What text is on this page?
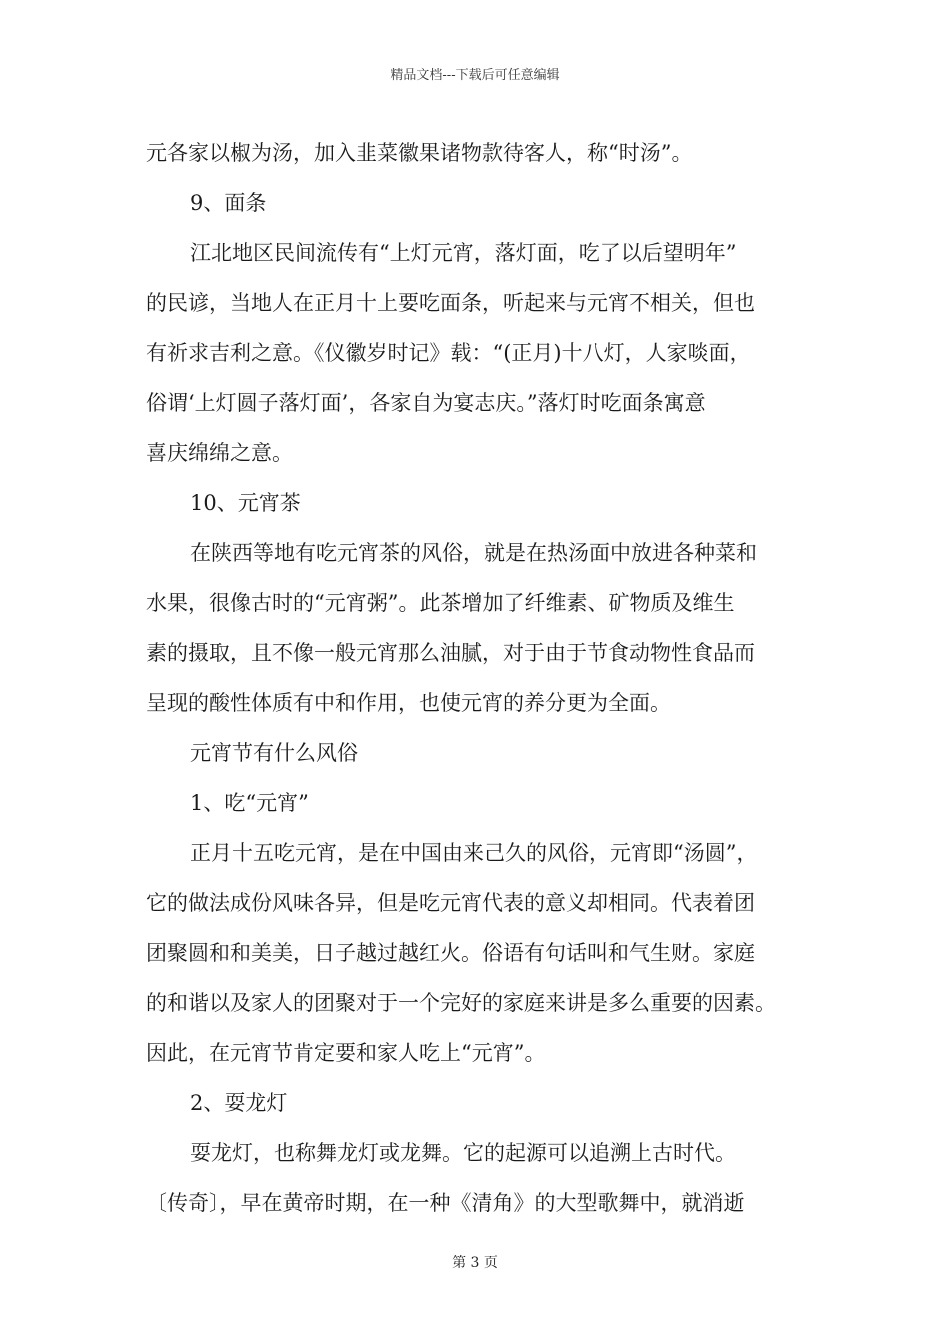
精品文档---下载后可任意编辑
元各家以椒为汤，加入韭菜徽果诸物款待客人，称“时汤”。
9、面条
江北地区民间流传有“上灯元宵，落灯面，吃了以后望明年”
的民谚，当地人在正月十上要吃面条，听起来与元宵不相关，但也
有祈求吉利之意。《仪徽岁时记》载：“(正月)十八灯，人家啖面，
俗谓‘上灯圆子落灯面’，各家自为宴志庆。”落灯时吃面条寓意
喜庆绵绵之意。
10、元宵茶
在陕西等地有吃元宵茶的风俗，就是在热汤面中放进各种菜和
水果，很像古时的“元宵粥”。此茶增加了纤维素、矿物质及维生
素的摄取，且不像一般元宵那么油腻，对于由于节食动物性食品而
呈现的酸性体质有中和作用，也使元宵的养分更为全面。
元宵节有什么风俗
1、吃“元宵”
正月十五吃元宵，是在中国由来己久的风俗，元宵即“汤圆”，
它的做法成份风味各异，但是吃元宵代表的意义却相同。代表着团
团聚圆和和美美，日子越过越红火。俗语有句话叫和气生财。家庭
的和谐以及家人的团聚对于一个完好的家庭来讲是多么重要的因素。
因此，在元宵节肯定要和家人吃上“元宵”。
2、耍龙灯
耍龙灯，也称舞龙灯或龙舞。它的起源可以追溯上古时代。
〔传奇〕，早在黄帝时期，在一种《清角》的大型歌舞中，就消逝
第 3 页
